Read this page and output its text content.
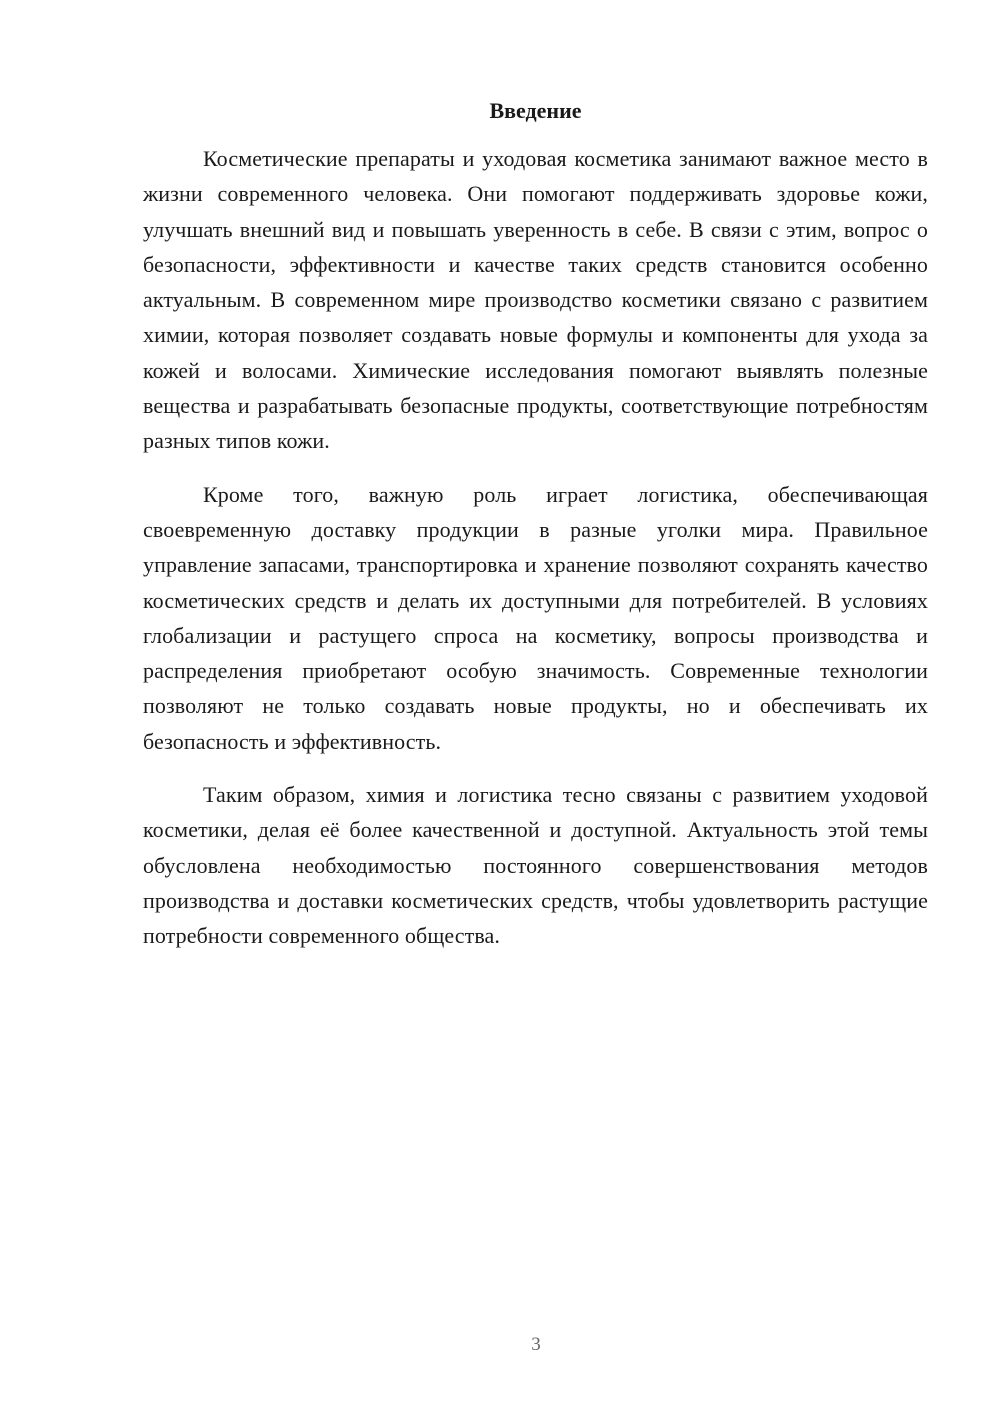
Введение

Косметические препараты и уходовая косметика занимают важное место в жизни современного человека. Они помогают поддерживать здоровье кожи, улучшать внешний вид и повышать уверенность в себе. В связи с этим, вопрос о безопасности, эффективности и качестве таких средств становится особенно актуальным. В современном мире производство косметики связано с развитием химии, которая позволяет создавать новые формулы и компоненты для ухода за кожей и волосами. Химические исследования помогают выявлять полезные вещества и разрабатывать безопасные продукты, соответствующие потребностям разных типов кожи.

Кроме того, важную роль играет логистика, обеспечивающая своевременную доставку продукции в разные уголки мира. Правильное управление запасами, транспортировка и хранение позволяют сохранять качество косметических средств и делать их доступными для потребителей. В условиях глобализации и растущего спроса на косметику, вопросы производства и распределения приобретают особую значимость. Современные технологии позволяют не только создавать новые продукты, но и обеспечивать их безопасность и эффективность.

Таким образом, химия и логистика тесно связаны с развитием уходовой косметики, делая её более качественной и доступной. Актуальность этой темы обусловлена необходимостью постоянного совершенствования методов производства и доставки косметических средств, чтобы удовлетворить растущие потребности современного общества.

3
